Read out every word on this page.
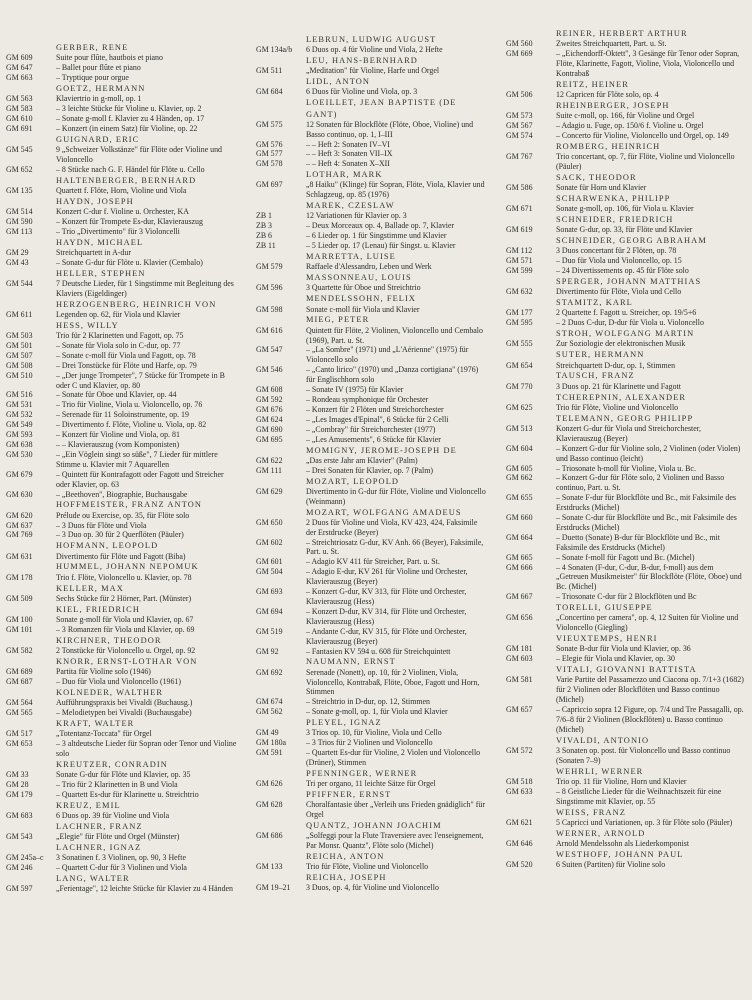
GERBER, RENE
GM 609	Suite pour flûte, hautbois et piano
GM 647	– Ballet pour flûte et piano
GM 663	– Tryptique pour orgue
GOETZ, HERMANN
GM 563	Klaviertrio in g-moll, op. 1
GM 583	– 3 leichte Stücke für Violine u. Klavier, op. 2
GM 610	– Sonate g-moll f. Klavier zu 4 Händen, op. 17
GM 691	– Konzert (in einem Satz) für Violine, op. 22
GUIGNARD, ERIC
GM 545	9 „Schweizer Volkstänze" für Flöte oder Violine und Violoncello
GM 652	– 8 Stücke nach G. F. Händel für Flöte u. Cello
HALTENBERGER, BERNHARD
GM 135	Quartett f. Flöte, Horn, Violine und Viola
HAYDN, JOSEPH
GM 514	Konzert C-dur f. Violine u. Orchester, KA
GM 590	– Konzert für Trompete Es-dur, Klavierauszug
GM 113	– Trio „Divertimento" für 3 Violoncelli
HAYDN, MICHAEL
GM 29	Streichquartett in A-dur
GM 43	– Sonate G-dur für Flöte u. Klavier (Cembalo)
HELLER, STEPHEN
GM 544	7 Deutsche Lieder, für 1 Singstimme mit Begleitung des Klaviers (Eigeldinger)
HERZOGENBERG, HEINRICH VON
GM 611	Legenden op. 62, für Viola und Klavier
HESS, WILLY
GM 503	Trio für 2 Klarinetten und Fagott, op. 75
GM 501	– Sonate für Viola solo in C-dur, op. 77
GM 507	– Sonate c-moll für Viola und Fagott, op. 78
GM 508	– Drei Tonstücke für Flöte und Harfe, op. 79
GM 510	– „Der junge Trompeter", 7 Stücke für Trompete in B oder C und Klavier, op. 80
GM 516	– Sonate für Oboe und Klavier, op. 44
GM 531	– Trio für Violine, Viola u. Violoncello, op. 76
GM 532	– Serenade für 11 Soloinstrumente, op. 19
GM 549	– Divertimento f. Flöte, Violine u. Viola, op. 82
GM 593	– Konzert für Violine und Viola, op. 81
GM 638	– – Klavierauszug (vom Komponisten)
GM 530	– „Ein Vöglein singt so süße", 7 Lieder für mittlere Stimme u. Klavier mit 7 Aquarellen
GM 679	– Quintett für Kontrafagott oder Fagott und Streicher oder Klavier, op. 63
GM 630	– „Beethoven", Biographie, Buchausgabe
HOFFMEISTER, FRANZ ANTON
GM 620	Prélude ou Exercise, op. 35, für Flöte solo
GM 637	– 3 Duos für Flöte und Viola
GM 769	– 3 Duo op. 30 für 2 Querflöten (Päuler)
HOFMANN, LEOPOLD
GM 631	Divertimento für Flöte und Fagott (Biba)
HUMMEL, JOHANN NEPOMUK
GM 178	Trio f. Flöte, Violoncello u. Klavier, op. 78
KELLER, MAX
GM 509	Sechs Stücke für 2 Hörner, Part. (Münster)
KIEL, FRIEDRICH
GM 100	Sonate g-moll für Viola und Klavier, op. 67
GM 101	– 3 Romanzen für Viola und Klavier, op. 69
KIRCHNER, THEODOR
GM 582	2 Tonstücke für Violoncello u. Orgel, op. 92
KNORR, ERNST-LOTHAR VON
GM 689	Partita für Violine solo (1946)
GM 687	– Duo für Viola und Violoncello (1961)
KOLNEDER, WALTHER
GM 564	Aufführungspraxis bei Vivaldi (Buchausg.)
GM 565	– Melodietypen bei Vivaldi (Buchausgabe)
KRAFT, WALTER
GM 517	„Totentanz-Toccata" für Orgel
GM 653	– 3 altdeutsche Lieder für Sopran oder Tenor und Violine solo
KREUTZER, CONRADIN
GM 33	Sonate G-dur für Flöte und Klavier, op. 35
GM 28	– Trio für 2 Klarinetten in B und Viola
GM 179	– Quartett Es-dur für Klarinette u. Streichtrio
KREUZ, EMIL
GM 683	6 Duos op. 39 für Violine und Viola
LACHNER, FRANZ
GM 543	„Elegie" für Flöte und Orgel (Münster)
LACHNER, IGNAZ
GM 245a–c	3 Sonatinen f. 3 Violinen, op. 90, 3 Hefte
GM 246	– Quartett C-dur für 3 Violinen und Viola
LANG, WALTER
GM 597	„Ferientage", 12 leichte Stücke für Klavier zu 4 Händen
LEBRUN, LUDWIG AUGUST
GM 134a/b	6 Duos op. 4 für Violine und Viola, 2 Hefte
LEU, HANS-BERNHARD
GM 511	„Meditation" für Violine, Harfe und Orgel
LIDL, ANTON
GM 684	6 Duos für Violine und Viola, op. 3
LOEILLET, JEAN BAPTISTE (DE GANT)
GM 575	12 Sonaten für Blockflöte (Flöte, Oboe, Violine) und Basso continuo, op. 1, I–III
GM 576	– – Heft 2: Sonaten IV–VI
GM 577	– – Heft 3: Sonaten VII–IX
GM 578	– – Heft 4: Sonaten X–XII
LOTHAR, MARK
GM 697	„8 Haiku" (Klinge) für Sopran, Flöte, Viola, Klavier und Schlagzeug, op. 85 (1976)
MAREK, CZESLAW
ZB 1	12 Variationen für Klavier op. 3
ZB 3	– Deux Morceaux op. 4, Ballade op. 7, Klavier
ZB 6	– 6 Lieder op. 1 für Singstimme und Klavier
ZB 11	– 5 Lieder op. 17 (Lenau) für Singst. u. Klavier
MARRETTA, LUISE
GM 579	Raffaele d'Alessandro, Leben und Werk
MASSONNEAU, LOUIS
GM 596	3 Quartette für Oboe und Streichtrio
MENDELSSOHN, FELIX
GM 598	Sonate c-moll für Viola und Klavier
MIEG, PETER
GM 616	Quintett für Flöte, 2 Violinen, Violoncello und Cembalo (1969), Part. u. St.
GM 547	– „La Sombre" (1971) und „L'Aérienne" (1975) für Violoncello solo
GM 546	– „Canto lirico" (1970) und „Danza cortigiana" (1976) für Englischhorn solo
GM 608	– Sonate IV (1975) für Klavier
GM 592	– Rondeau symphonique für Orchester
GM 676	– Konzert für 2 Flöten und Streichorchester
GM 624	– „Les Images d'Epinal", 6 Stücke für 2 Celli
GM 690	– „Combray" für Streichorchester (1977)
GM 695	– „Les Amusements", 6 Stücke für Klavier
MOMIGNY, JEROME-JOSEPH DE
GM 622	„Das erste Jahr am Klavier" (Palm)
GM 111	– Drei Sonaten für Klavier, op. 7 (Palm)
MOZART, LEOPOLD
GM 629	Divertimento in G-dur für Flöte, Violine und Violoncello (Weinmann)
MOZART, WOLFGANG AMADEUS
GM 650	2 Duos für Violine und Viola, KV 423, 424, Faksimile der Erstdrucke (Beyer)
GM 602	– Streichtriosatz G-dur, KV Anh. 66 (Beyer), Faksimile, Part. u. St.
GM 601	– Adagio KV 411 für Streicher, Part. u. St.
GM 504	– Adagio E-dur, KV 261 für Violine und Orchester, Klavierauszug (Beyer)
GM 693	– Konzert G-dur, KV 313, für Flöte und Orchester, Klavierauszug (Hess)
GM 694	– Konzert D-dur, KV 314, für Flöte und Orchester, Klavierauszug (Hess)
GM 519	– Andante C-dur, KV 315, für Flöte und Orchester, Klavierauszug (Beyer)
GM 92	– Fantasien KV 594 u. 608 für Streichquintett
NAUMANN, ERNST
GM 692	Serenade (Nonett), op. 10, für 2 Violinen, Viola, Violoncello, Kontrabaß, Flöte, Oboe, Fagott und Horn, Stimmen
GM 674	– Streichtrio in D-dur, op. 12, Stimmen
GM 562	– Sonate g-moll, op. 1, für Viola und Klavier
PLEYEL, IGNAZ
GM 49	3 Trios op. 10, für Violine, Viola und Cello
GM 180a	– 3 Trios für 2 Violinen und Violoncello
GM 591	– Quartett Es-dur für Violine, 2 Violen und Violoncello (Drüner), Stimmen
PFENNINGER, WERNER
GM 626	Tri per organo, 11 leichte Sätze für Orgel
PFIFFNER, ERNST
GM 628	Choralfantasie über „Verleih uns Frieden gnädiglich" für Orgel
QUANTZ, JOHANN JOACHIM
GM 686	„Solfeggi pour la Flute Traversiere avec l'enseignement, Par Monsr. Quantz", Flöte solo (Michel)
REICHA, ANTON
GM 133	Trio für Flöte, Violine und Violoncello
REICHA, JOSEPH
GM 19–21	3 Duos, op. 4, für Violine und Violoncello
REINER, HERBERT ARTHUR
GM 560	Zweites Streichquartett, Part. u. St.
GM 669	– „Eichendorff-Oktett", 3 Gesänge für Tenor oder Sopran, Flöte, Klarinette, Fagott, Violine, Viola, Violoncello und Kontrabaß
REITZ, HEINER
GM 506	12 Capricen für Flöte solo, op. 4
RHEINBERGER, JOSEPH
GM 573	Suite c-moll, op. 166, für Violine und Orgel
GM 567	– Adagio u. Fuge, op. 150/6 f. Violine u. Orgel
GM 574	– Concerto für Violine, Violoncello und Orgel, op. 149
ROMBERG, HEINRICH
GM 767	Trio concertant, op. 7, für Flöte, Violine und Violoncello (Päuler)
SACK, THEODOR
GM 586	Sonate für Horn und Klavier
SCHARWENKA, PHILIPP
GM 671	Sonate g-moll, op. 106, für Viola u. Klavier
SCHNEIDER, FRIEDRICH
GM 619	Sonate G-dur, op. 33, für Flöte und Klavier
SCHNEIDER, GEORG ABRAHAM
GM 112	3 Duos concertant für 2 Flöten, op. 78
GM 571	– Duo für Viola und Violoncello, op. 15
GM 599	– 24 Divertissements op. 45 für Flöte solo
SPERGER, JOHANN MATTHIAS
GM 632	Divertimento für Flöte, Viola und Cello
STAMITZ, KARL
GM 177	2 Quartette f. Fagott u. Streicher, op. 19/5+6
GM 595	– 2 Duos C-dur, D-dur für Viola u. Violoncello
STROH, WOLFGANG MARTIN
GM 555	Zur Soziologie der elektronischen Musik
SUTER, HERMANN
GM 654	Streichquartett D-dur, op. 1, Stimmen
TAUSCH, FRANZ
GM 770	3 Duos op. 21 für Klarinette und Fagott
TCHEREPNIN, ALEXANDER
GM 625	Trio für Flöte, Violine und Violoncello
TELEMANN, GEORG PHILIPP
GM 513	Konzert G-dur für Viola und Streichorchester, Klavierauszug (Beyer)
GM 604	– Konzert G-dur für Violine solo, 2 Violinen (oder Violen) und Basso continuo (leicht)
GM 605	– Triosonate h-moll für Violine, Viola u. Bc.
GM 662	– Konzert G-dur für Flöte solo, 2 Violinen und Basso continuo, Part. u. St.
GM 655	– Sonate F-dur für Blockflöte und Bc., mit Faksimile des Erstdrucks (Michel)
GM 660	– Sonate C-dur für Blockflöte und Bc., mit Faksimile des Erstdrucks (Michel)
GM 664	– Duetto (Sonate) B-dur für Blockflöte und Bc., mit Faksimile des Erstdrucks (Michel)
GM 665	– Sonate f-moll für Fagott und Bc. (Michel)
GM 666	– 4 Sonaten (F-dur, C-dur, B-dur, f-moll) aus dem „Getreuen Musikmeister" für Blockflöte (Flöte, Oboe) und Bc. (Michel)
GM 667	– Triosonate C-dur für 2 Blockflöten und Bc
TORELLI, GIUSEPPE
GM 656	„Concertino per camera", op. 4, 12 Suiten für Violine und Violoncello (Giegling)
VIEUXTEMPS, HENRI
GM 181	Sonate B-dur für Viola und Klavier, op. 36
GM 603	– Elegie für Viola und Klavier, op. 30
VITALI, GIOVANNI BATTISTA
GM 581	Varie Partite del Passamezzo und Ciacona op. 7/1+3 (1682) für 2 Violinen oder Blockflöten und Basso continuo (Michel)
GM 657	– Capriccio sopra 12 Figure, op. 7/4 und Tre Passagalli, op. 7/6–8 für 2 Violinen (Blockflöten) u. Basso continuo (Michel)
VIVALDI, ANTONIO
GM 572	3 Sonaten op. post. für Violoncello und Basso continuo (Sonaten 7–9)
WEHRLI, WERNER
GM 518	Trio op. 11 für Violine, Horn und Klavier
GM 633	– 8 Geistliche Lieder für die Weihnachtszeit für eine Singstimme mit Klavier, op. 55
WEISS, FRANZ
GM 621	5 Capricci und Variationen, op. 3 für Flöte solo (Päuler)
WERNER, ARNOLD
GM 646	Arnold Mendelssohn als Liederkomponist
WESTHOFF, JOHANN PAUL
GM 520	6 Suiten (Partiten) für Violine solo
